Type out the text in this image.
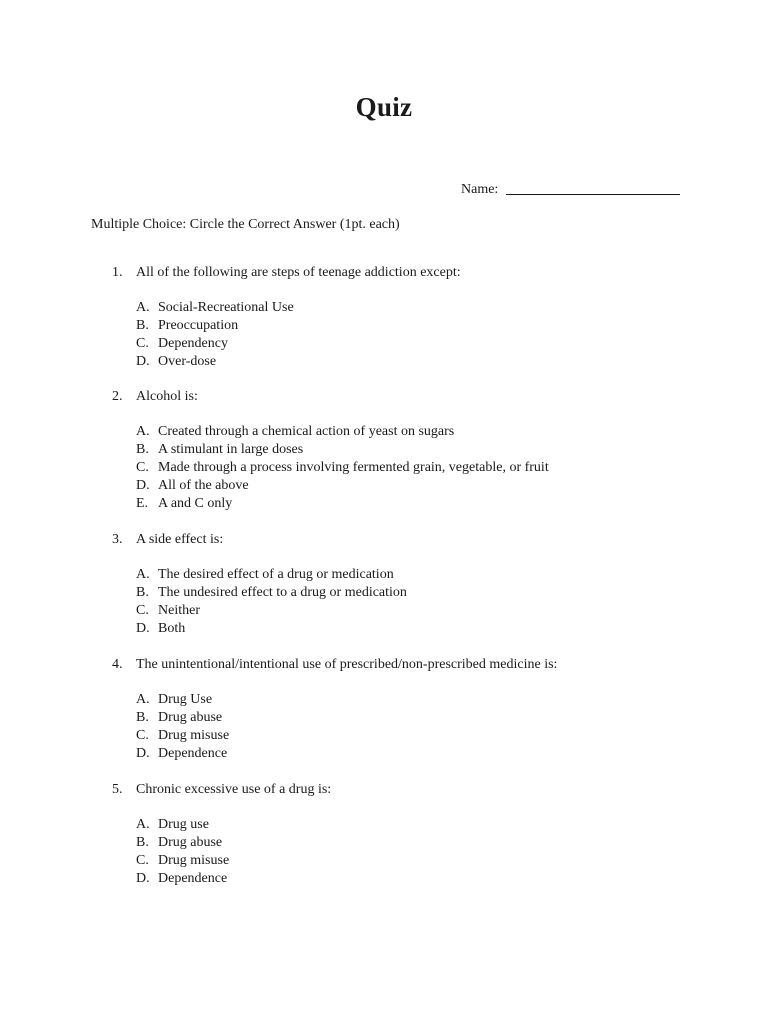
Quiz
Name:
Multiple Choice: Circle the Correct Answer (1pt. each)
1. All of the following are steps of teenage addiction except:
A. Social-Recreational Use
B. Preoccupation
C. Dependency
D. Over-dose
2. Alcohol is:
A. Created through a chemical action of yeast on sugars
B. A stimulant in large doses
C. Made through a process involving fermented grain, vegetable, or fruit
D. All of the above
E. A and C only
3. A side effect is:
A. The desired effect of a drug or medication
B. The undesired effect to a drug or medication
C. Neither
D. Both
4. The unintentional/intentional use of prescribed/non-prescribed medicine is:
A. Drug Use
B. Drug abuse
C. Drug misuse
D. Dependence
5. Chronic excessive use of a drug is:
A. Drug use
B. Drug abuse
C. Drug misuse
D. Dependence
